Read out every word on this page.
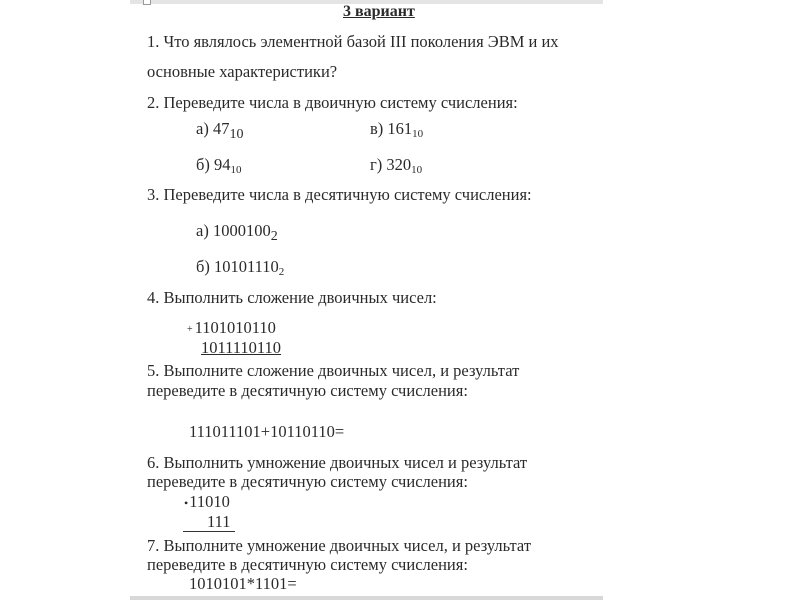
3 вариант
1. Что являлось элементной базой III поколения ЭВМ и их
основные характеристики?
2. Переведите числа в двоичную систему счисления:
а) $47_{10}$	в) $161_{10}$
б) $94_{10}$	г) $320_{10}$
3. Переведите числа в десятичную систему счисления:
а) $1000100_2$
б) $10101110_2$
4. Выполнить сложение двоичных чисел:
+ 1101010110
1011110110
5. Выполните сложение двоичных чисел, и результат
переведите в десятичную систему счисления:
111011101+10110110=
6. Выполнить умножение двоичных чисел и результат
переведите в десятичную систему счисления:
•11010
111
7. Выполните умножение двоичных чисел, и результат
переведите в десятичную систему счисления:
1010101*1101=
